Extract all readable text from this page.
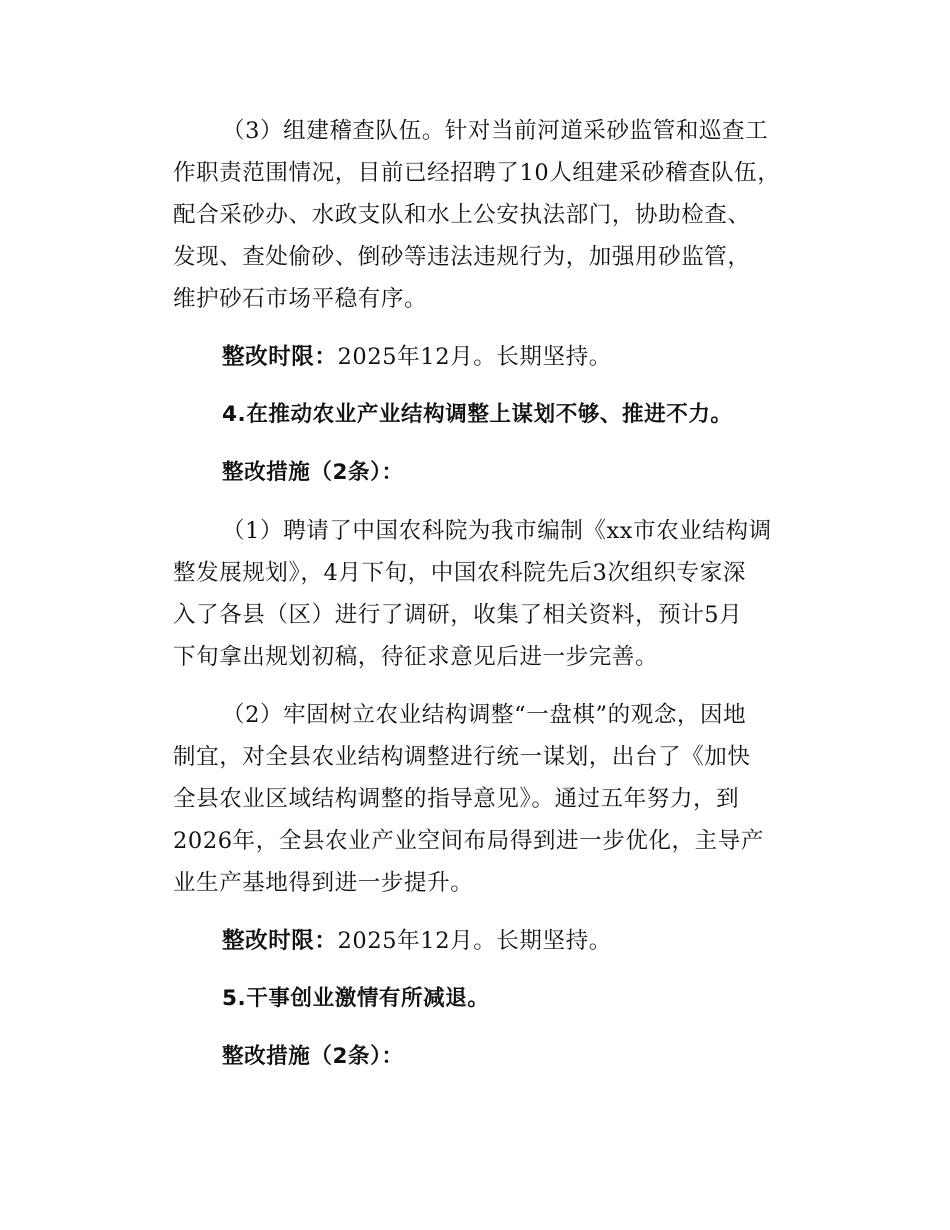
（3）组建稽查队伍。针对当前河道采砂监管和巡查工

作职责范围情况，目前已经招聘了10人组建采砂稽查队伍，

配合采砂办、水政支队和水上公安执法部门，协助检查、

发现、查处偷砂、倒砂等违法违规行为，加强用砂监管，

维护砂石市场平稳有序。

整改时限：2025年12月。长期坚持。

4.在推动农业产业结构调整上谋划不够、推进不力。

整改措施（2条）：

（1）聘请了中国农科院为我市编制《xx市农业结构调

整发展规划》，4月下旬，中国农科院先后3次组织专家深

入了各县（区）进行了调研，收集了相关资料，预计5月

下旬拿出规划初稿，待征求意见后进一步完善。

（2）牢固树立农业结构调整“一盘棋”的观念，因地

制宜，对全县农业结构调整进行统一谋划，出台了《加快

全县农业区域结构调整的指导意见》。通过五年努力，到

2026年，全县农业产业空间布局得到进一步优化，主导产

业生产基地得到进一步提升。

整改时限：2025年12月。长期坚持。

5.干事创业激情有所减退。

整改措施（2条）：
